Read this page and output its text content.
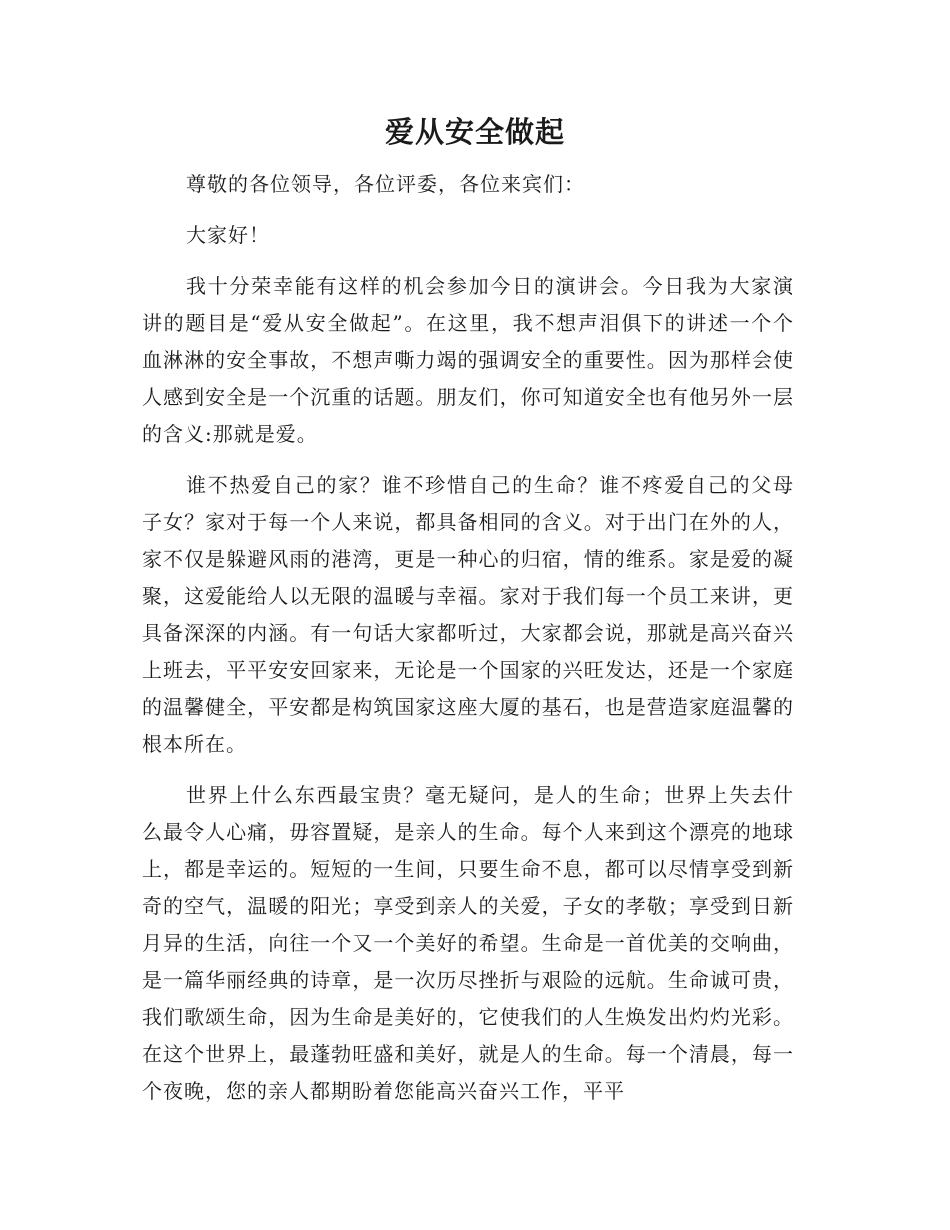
爱从安全做起

尊敬的各位领导，各位评委，各位来宾们：

大家好！

我十分荣幸能有这样的机会参加今日的演讲会。今日我为大家演讲的题目是“爱从安全做起”。在这里，我不想声泪俱下的讲述一个个血淋淋的安全事故，不想声嘶力竭的强调安全的重要性。因为那样会使人感到安全是一个沉重的话题。朋友们，你可知道安全也有他另外一层的含义:那就是爱。

谁不热爱自己的家？谁不珍惜自己的生命？谁不疼爱自己的父母子女？家对于每一个人来说，都具备相同的含义。对于出门在外的人，家不仅是躲避风雨的港湾，更是一种心的归宿，情的维系。家是爱的凝聚，这爱能给人以无限的温暖与幸福。家对于我们每一个员工来讲，更具备深深的内涵。有一句话大家都听过，大家都会说，那就是高兴奋兴上班去，平平安安回家来，无论是一个国家的兴旺发达，还是一个家庭的温馨健全，平安都是构筑国家这座大厦的基石，也是营造家庭温馨的根本所在。

世界上什么东西最宝贵？毫无疑问，是人的生命；世界上失去什么最令人心痛，毋容置疑，是亲人的生命。每个人来到这个漂亮的地球上，都是幸运的。短短的一生间，只要生命不息，都可以尽情享受到新奇的空气，温暖的阳光；享受到亲人的关爱，子女的孝敬；享受到日新月异的生活，向往一个又一个美好的希望。生命是一首优美的交响曲，是一篇华丽经典的诗章，是一次历尽挫折与艰险的远航。生命诚可贵，我们歌颂生命，因为生命是美好的，它使我们的人生焕发出灼灼光彩。在这个世界上，最蓬勃旺盛和美好，就是人的生命。每一个清晨，每一个夜晚，您的亲人都期盼着您能高兴奋兴工作，平平
